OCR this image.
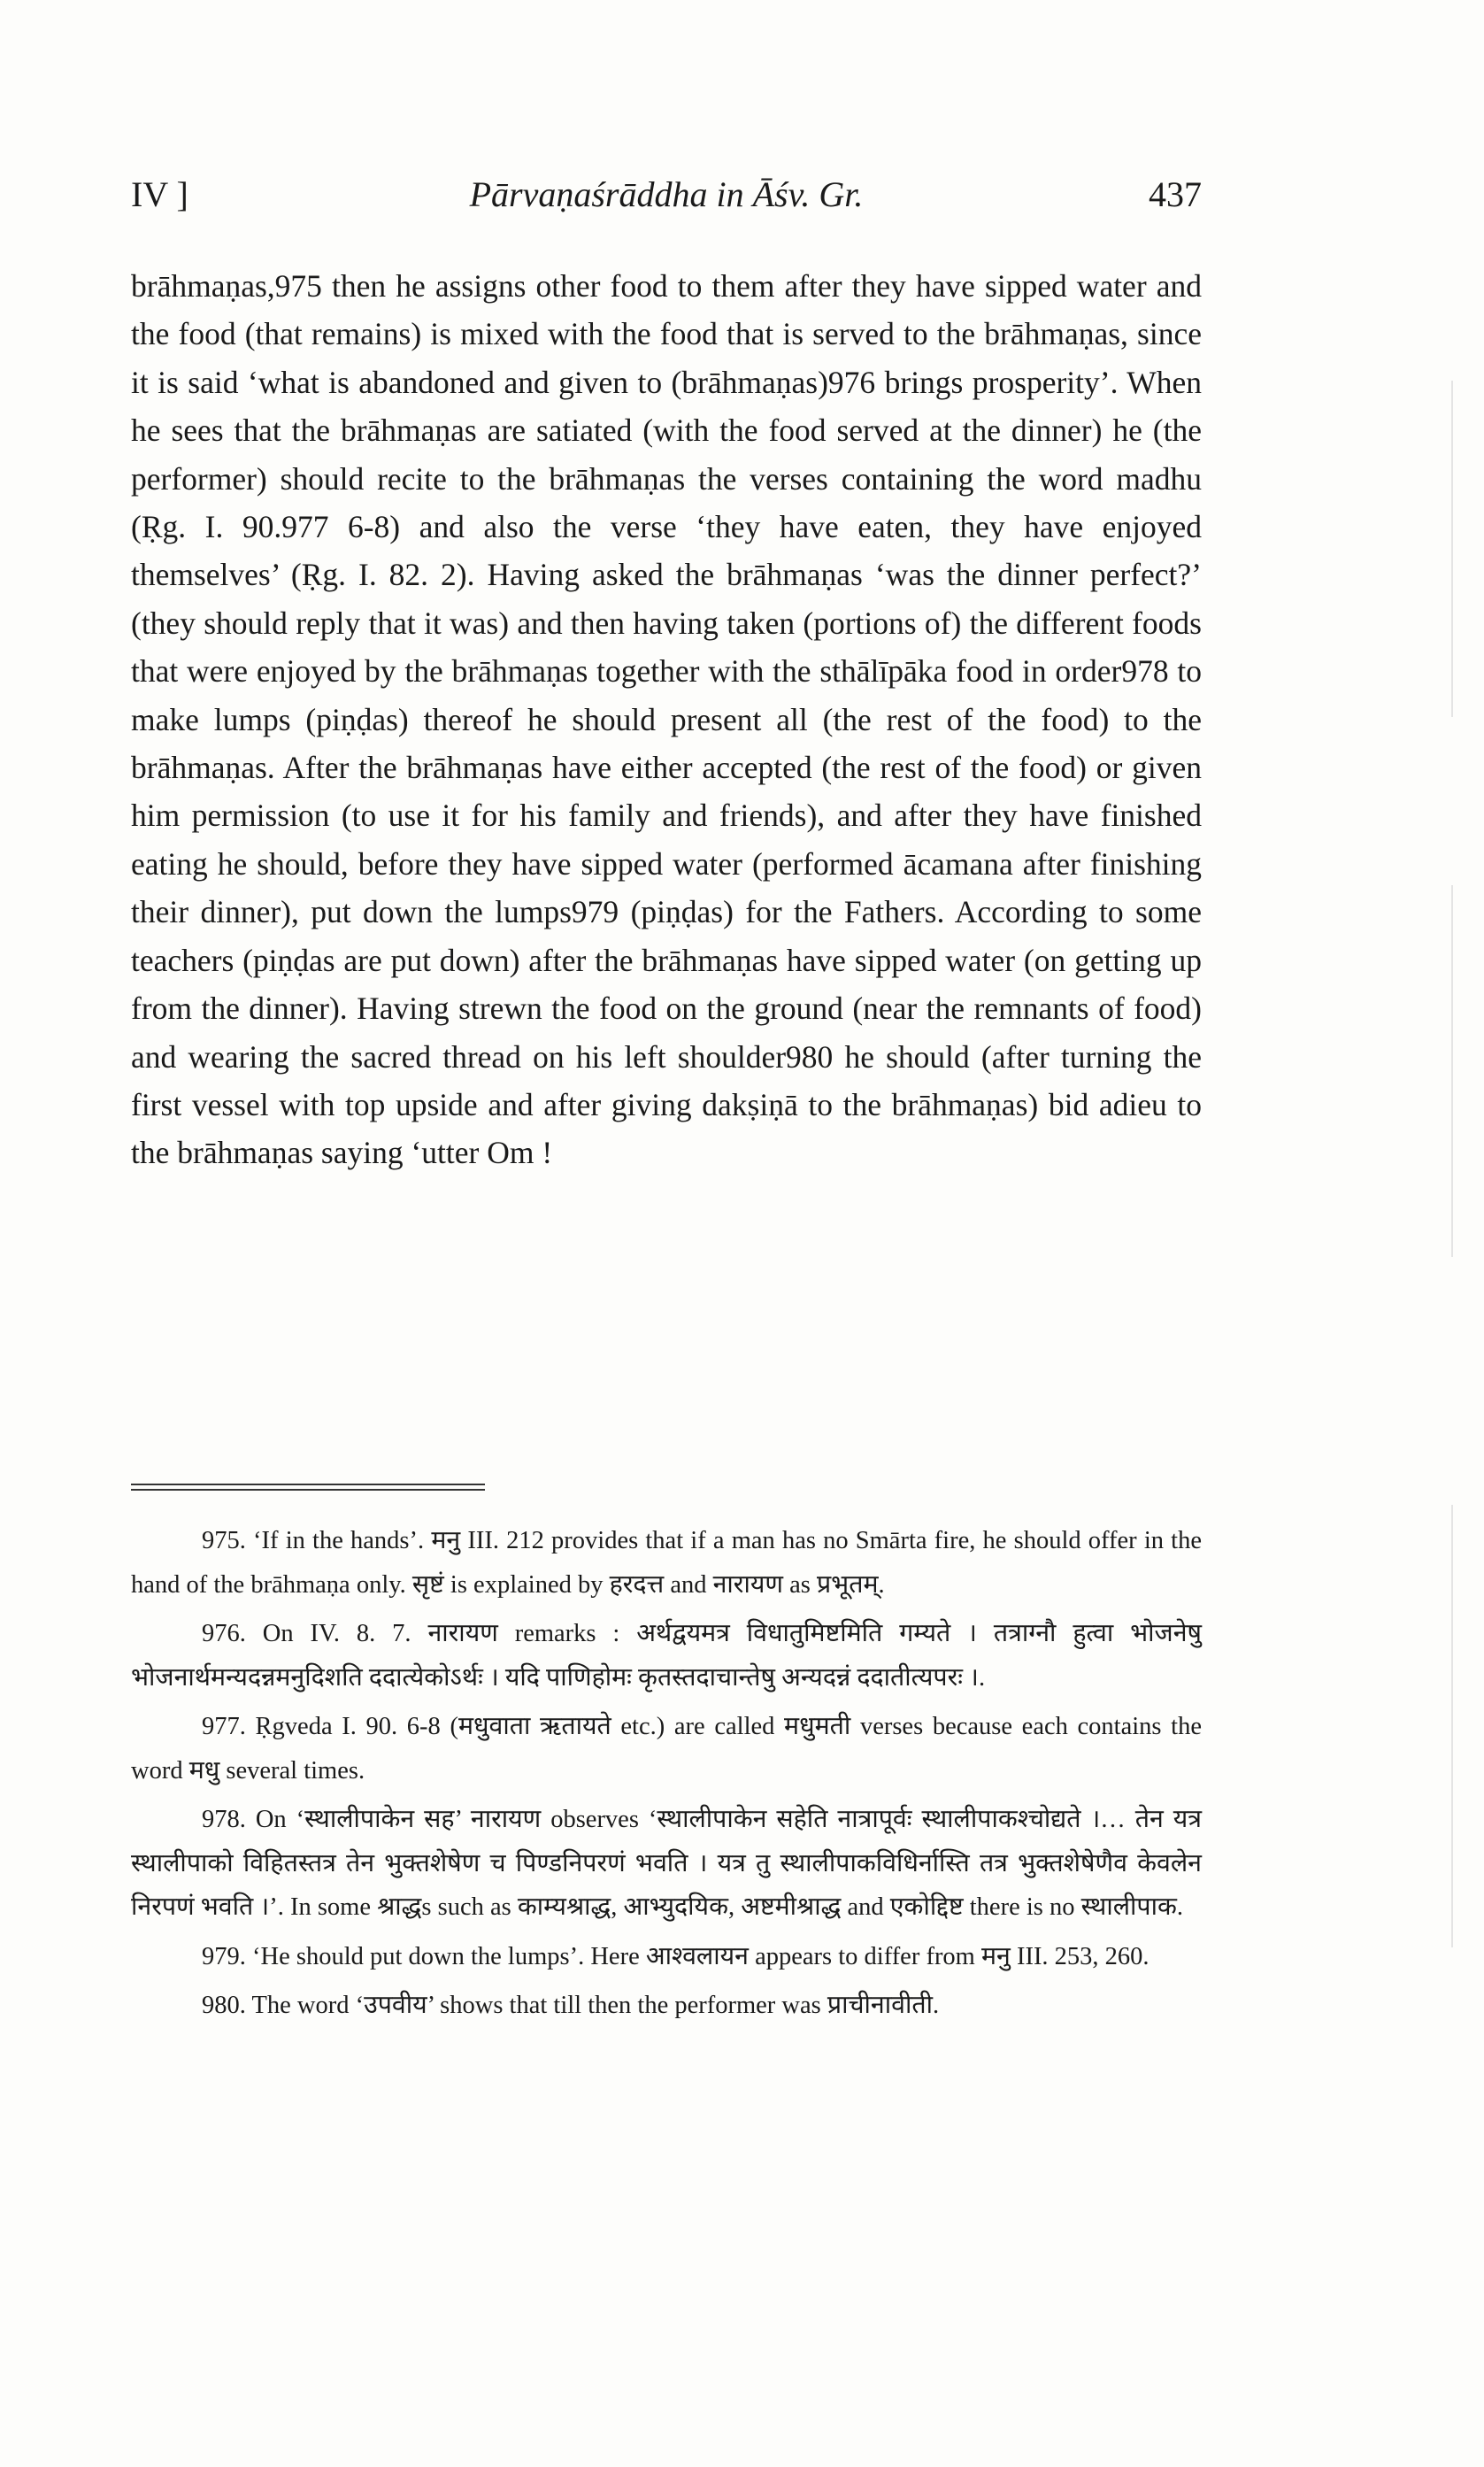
IV ]	Pārvaṇaśrāddha in Āśv. Gr.	437

brāhmaṇas,975 then he assigns other food to them after they have sipped water and the food (that remains) is mixed with the food that is served to the brāhmaṇas, since it is said ‘what is abandoned and given to (brāhmaṇas)976 brings prosperity’. When he sees that the brāhmaṇas are satiated (with the food served at the dinner) he (the performer) should recite to the brāhmaṇas the verses containing the word madhu (Ṛg. I. 90.977 6-8) and also the verse ‘they have eaten, they have enjoyed themselves’ (Ṛg. I. 82. 2). Having asked the brāhmaṇas ‘was the dinner perfect?’ (they should reply that it was) and then having taken (portions of) the different foods that were enjoyed by the brāhmaṇas together with the sthālīpāka food in order978 to make lumps (piṇḍas) thereof he should present all (the rest of the food) to the brāhmaṇas. After the brāhmaṇas have either accepted (the rest of the food) or given him permission (to use it for his family and friends), and after they have finished eating he should, before they have sipped water (performed ācamana after finishing their dinner), put down the lumps979 (piṇḍas) for the Fathers. According to some teachers (piṇḍas are put down) after the brāhmaṇas have sipped water (on getting up from the dinner). Having strewn the food on the ground (near the remnants of food) and wearing the sacred thread on his left shoulder980 he should (after turning the first vessel with top upside and after giving dakṣiṇā to the brāhmaṇas) bid adieu to the brāhmaṇas saying ‘utter Om !

975. ‘If in the hands’. मनु III. 212 provides that if a man has no Smārta fire, he should offer in the hand of the brāhmaṇa only. सृष्टं is explained by हरदत्त and नारायण as प्रभूतम्.

976. On IV. 8. 7. नारायण remarks : अर्थद्वयमत्र विधातुमिष्टमिति गम्यते । तत्राग्नौ हुत्वा भोजनेषु भोजनार्थमन्यदन्नमनुदिशति ददात्येकोऽर्थः । यदि पाणिहोमः कृतस्तदाचान्तेषु अन्यदन्नं ददातीत्यपरः ।.

977. Ṛgveda I. 90. 6-8 (मधुवाता ऋतायते etc.) are called मधुमती verses because each contains the word मधु several times.

978. On ‘स्थालीपाकेन सह’ नारायण observes ‘स्थालीपाकेन सहेति नात्रापूर्वः स्थालीपाकश्चोद्यते ।… तेन यत्र स्थालीपाको विहितस्तत्र तेन भुक्तशेषेण च पिण्डनिपरणं भवति । यत्र तु स्थालीपाकविधिर्नास्ति तत्र भुक्तशेषेणैव केवलेन निरपणं भवति ।’. In some श्राद्धs such as काम्यश्राद्ध, आभ्युदयिक, अष्टमीश्राद्ध and एकोद्दिष्ट there is no स्थालीपाक.

979. ‘He should put down the lumps’. Here आश्वलायन appears to differ from मनु III. 253, 260.

980. The word ‘उपवीय’ shows that till then the performer was प्राचीनावीती.
